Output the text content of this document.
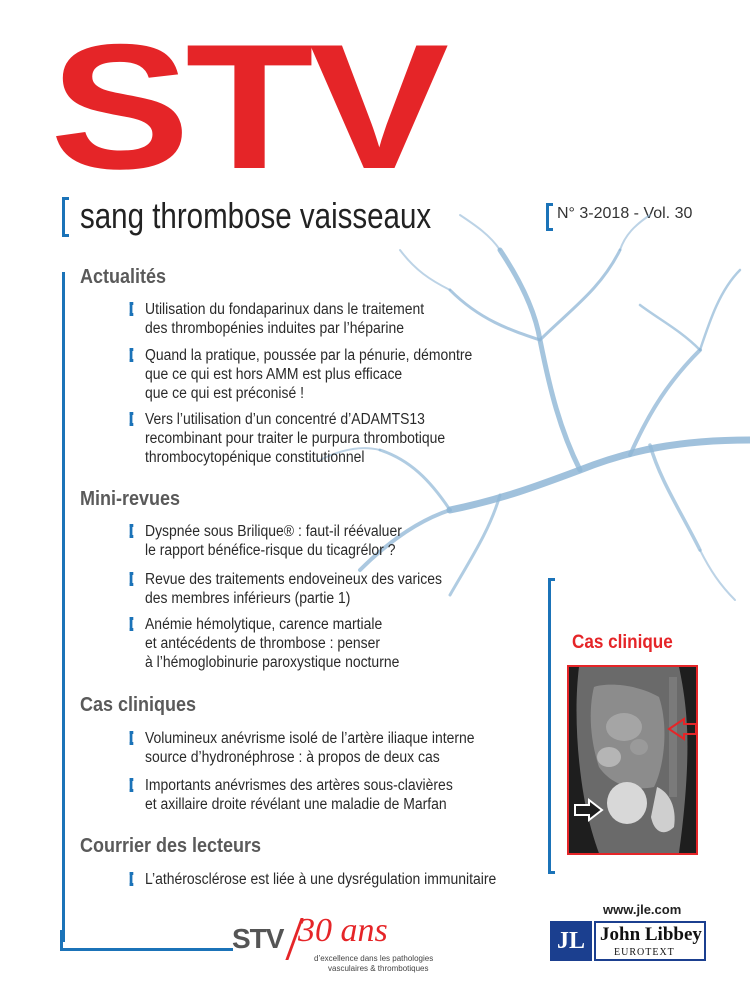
STV
sang thrombose vaisseaux	N° 3-2018 - Vol. 30
Actualités
Utilisation du fondaparinux dans le traitement
des thrombopénies induites par l’héparine
Quand la pratique, poussée par la pénurie, démontre
que ce qui est hors AMM est plus efficace
que ce qui est préconisé !
Vers l’utilisation d’un concentré d’ADAMTS13
recombinant pour traiter le purpura thrombotique
thrombocytopénique constitutionnel
Mini-revues
Dyspnée sous Brilique® : faut-il réévaluer
le rapport bénéfice-risque du ticagrélor ?
Revue des traitements endoveineux des varices
des membres inférieurs (partie 1)
Anémie hémolytique, carence martiale
et antécédents de thrombose : penser
à l’hémoglobinurie paroxystique nocturne
Cas cliniques
Volumineux anévrisme isolé de l’artère iliaque interne
source d’hydronéphrose : à propos de deux cas
Importants anévrismes des artères sous-clavières
et axillaire droite révélant une maladie de Marfan
Courrier des lecteurs
L’athérosclérose est liée à une dysrégulation immunitaire
Cas clinique
STV 30 ans
d’excellence dans les pathologies
vasculaires & thrombotiques
www.jle.com
JL John Libbey
EUROTEXT
